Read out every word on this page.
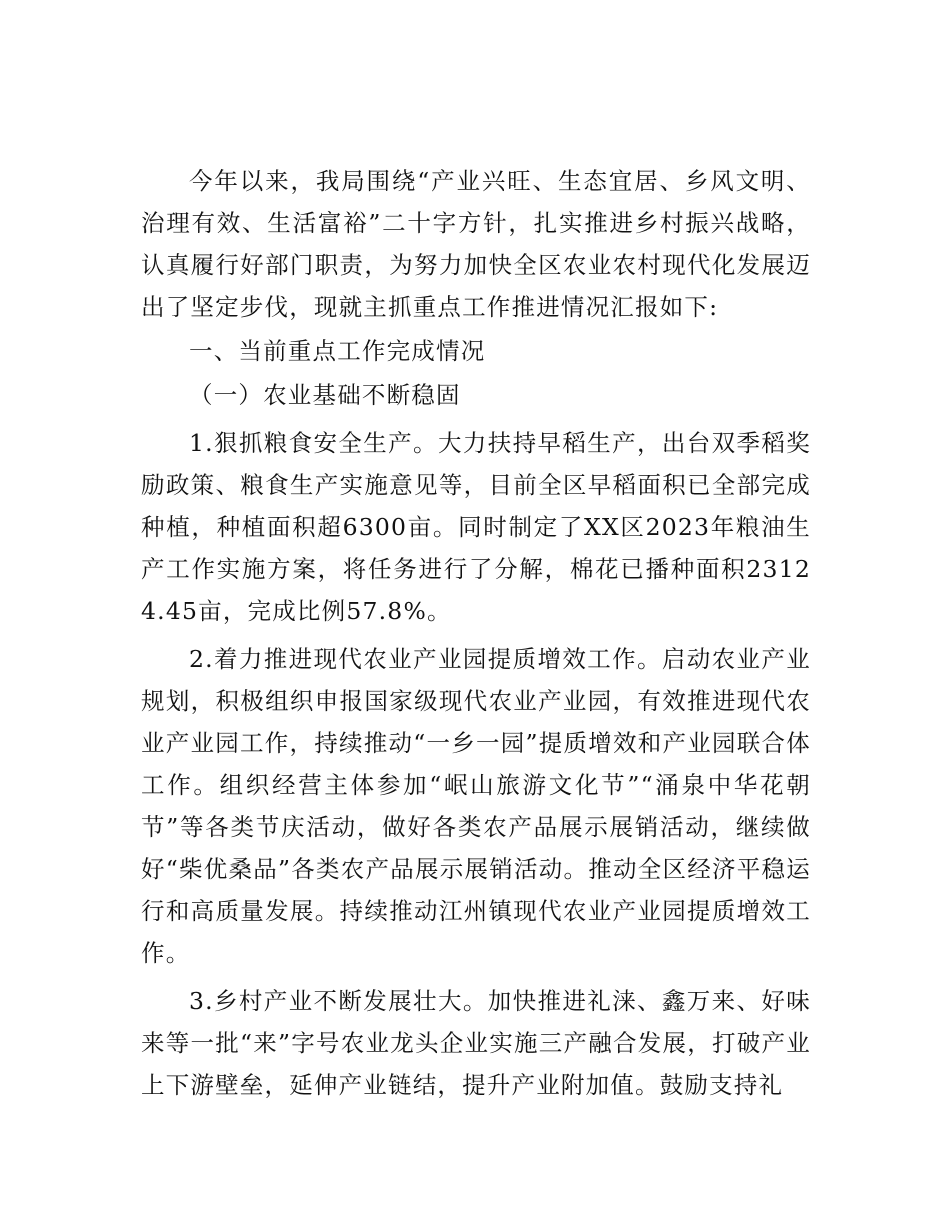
今年以来，我局围绕“产业兴旺、生态宜居、乡风文明、治理有效、生活富裕”二十字方针，扎实推进乡村振兴战略，认真履行好部门职责，为努力加快全区农业农村现代化发展迈出了坚定步伐，现就主抓重点工作推进情况汇报如下:

一、当前重点工作完成情况

（一）农业基础不断稳固

1.狠抓粮食安全生产。大力扶持早稻生产，出台双季稻奖励政策、粮食生产实施意见等，目前全区早稻面积已全部完成种植，种植面积超6300亩。同时制定了XX区2023年粮油生产工作实施方案，将任务进行了分解，棉花已播种面积23124.45亩，完成比例57.8%。

2.着力推进现代农业产业园提质增效工作。启动农业产业规划，积极组织申报国家级现代农业产业园，有效推进现代农业产业园工作，持续推动“一乡一园”提质增效和产业园联合体工作。组织经营主体参加“岷山旅游文化节”“涌泉中华花朝节”等各类节庆活动，做好各类农产品展示展销活动，继续做好“柴优桑品”各类农产品展示展销活动。推动全区经济平稳运行和高质量发展。持续推动江州镇现代农业产业园提质增效工作。

3.乡村产业不断发展壮大。加快推进礼涞、鑫万来、好味来等一批“来”字号农业龙头企业实施三产融合发展，打破产业上下游壁垒，延伸产业链结，提升产业附加值。鼓励支持礼
